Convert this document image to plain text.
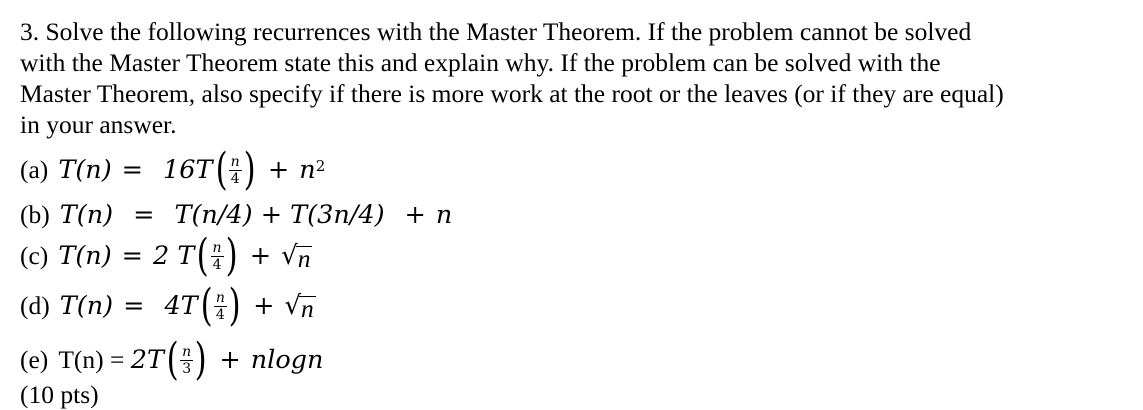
3. Solve the following recurrences with the Master Theorem. If the problem cannot be solved

with the Master Theorem state this and explain why. If the problem can be solved with the

Master Theorem, also specify if there is more work at the root or the leaves (or if they are equal)

in your answer.

(a) T(n) = 16T ( $\frac{n}{4}$ ) + n 2
(b) T(n) = T(n/4) + T(3n/4) + n
(c) T(n) = 2 T ( $\frac{n}{4}$ ) + √ n
(d) T(n) = 4T ( $\frac{n}{4}$ ) + √ n
(e) T(n) = 2T ( $\frac{n}{3}$ ) + nlogn
(10 pts)
